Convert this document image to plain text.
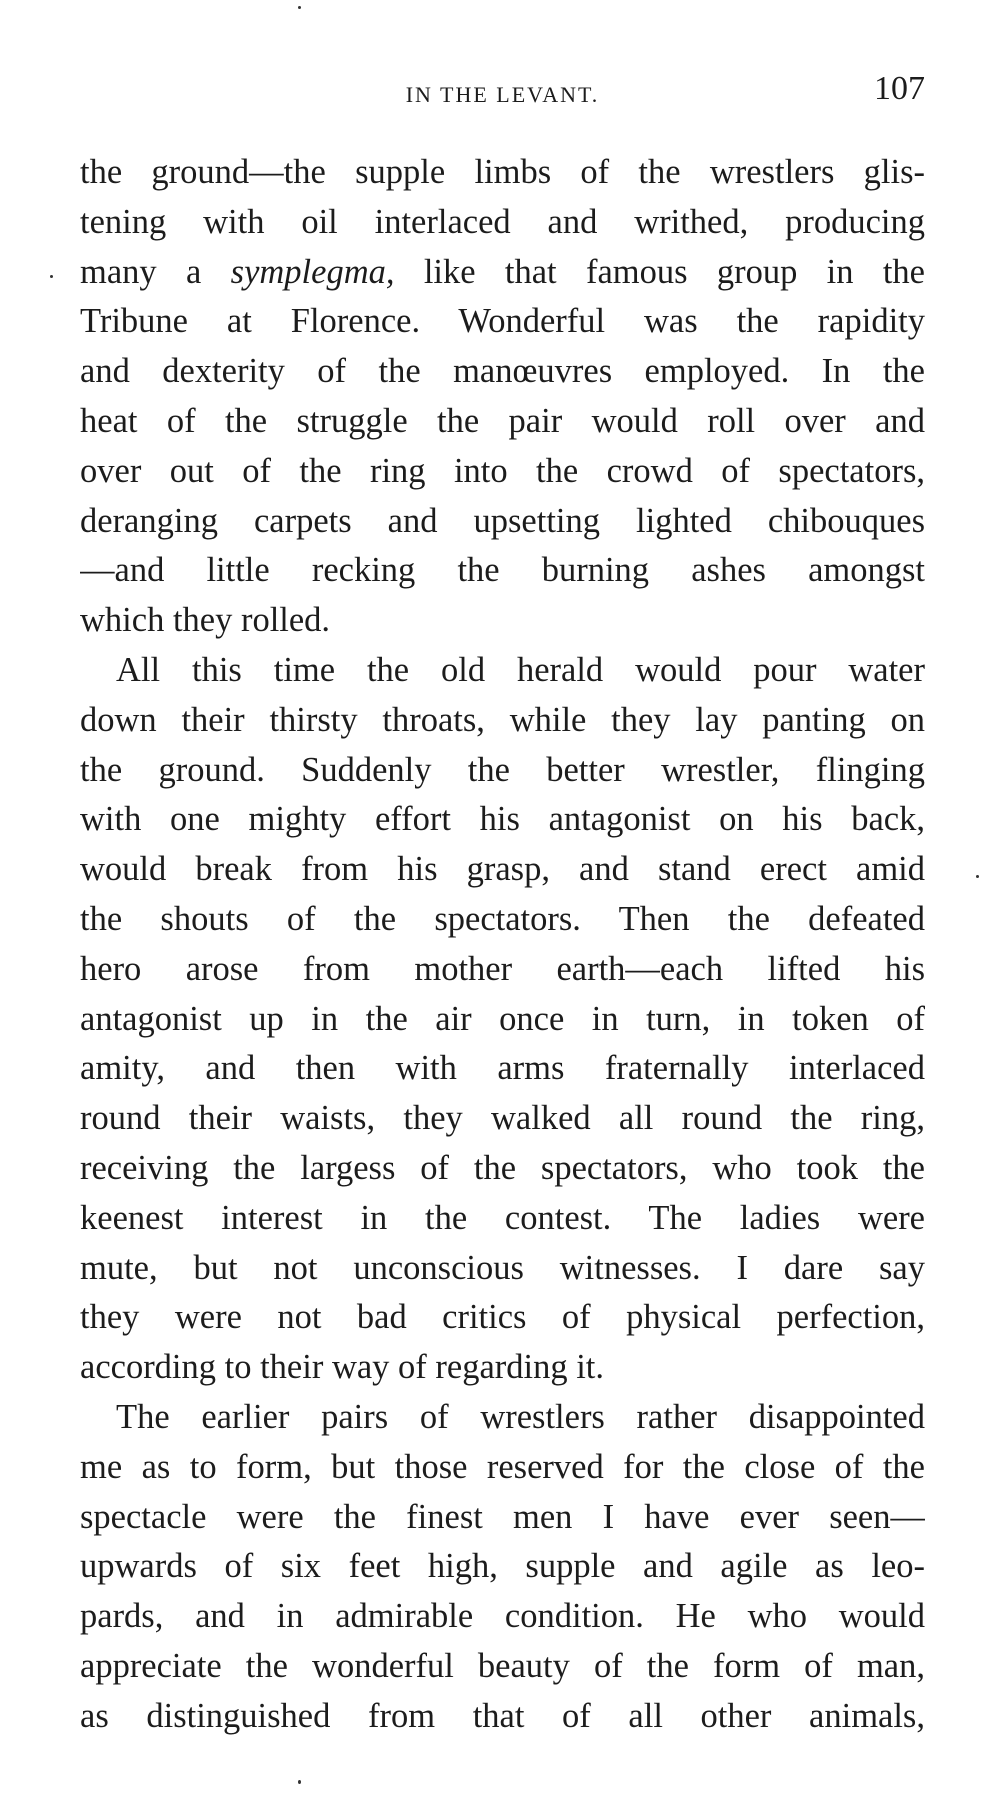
IN THE LEVANT.	107
the ground—the supple limbs of the wrestlers glis-
tening with oil interlaced and writhed, producing
many a symplegma, like that famous group in the
Tribune at Florence. Wonderful was the rapidity
and dexterity of the manœuvres employed. In the
heat of the struggle the pair would roll over and
over out of the ring into the crowd of spectators,
deranging carpets and upsetting lighted chibouques
—and little recking the burning ashes amongst
which they rolled.
All this time the old herald would pour water
down their thirsty throats, while they lay panting on
the ground. Suddenly the better wrestler, flinging
with one mighty effort his antagonist on his back,
would break from his grasp, and stand erect amid
the shouts of the spectators. Then the defeated
hero arose from mother earth—each lifted his
antagonist up in the air once in turn, in token of
amity, and then with arms fraternally interlaced
round their waists, they walked all round the ring,
receiving the largess of the spectators, who took the
keenest interest in the contest. The ladies were
mute, but not unconscious witnesses. I dare say
they were not bad critics of physical perfection,
according to their way of regarding it.
The earlier pairs of wrestlers rather disappointed
me as to form, but those reserved for the close of the
spectacle were the finest men I have ever seen—
upwards of six feet high, supple and agile as leo-
pards, and in admirable condition. He who would
appreciate the wonderful beauty of the form of man,
as distinguished from that of all other animals,
